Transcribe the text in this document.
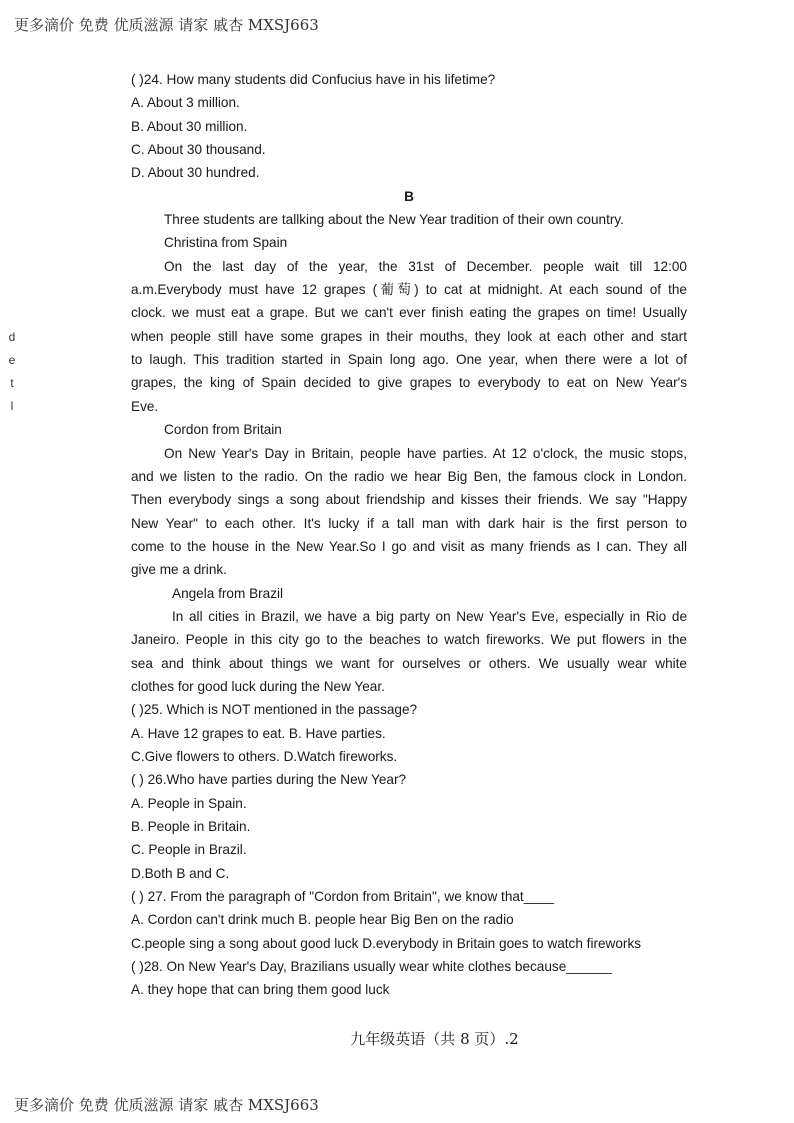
更多滴价 免费 优质滋源 请家 戚杏 MXSJ663
d
e
t
l
( )24. How many students did Confucius have in his lifetime?
A. About 3 million.
B. About 30 million.
C. About 30 thousand.
D. About 30 hundred.
B
Three students are tallking about the New Year tradition of their own country.
Christina from Spain
On the last day of the year, the 31st of December. people wait till 12:00
a.m.Everybody must have 12 grapes (葡萄) to cat at midnight. At each sound of the
clock. we must eat a grape. But we can't ever finish eating the grapes on time! Usually
when people still have some grapes in their mouths, they look at each other and start
to laugh. This tradition started in Spain long ago. One year, when there were a lot of
grapes, the king of Spain decided to give grapes to everybody to eat on New Year's
Eve.
Cordon from Britain
On New Year's Day in Britain, people have parties. At 12 o'clock, the music stops,
and we listen to the radio. On the radio we hear Big Ben, the famous clock in London.
Then everybody sings a song about friendship and kisses their friends. We say "Happy
New Year" to each other. It's lucky if a tall man with dark hair is the first person to
come to the house in the New Year.So I go and visit as many friends as I can. They all
give me a drink.
Angela from Brazil
In all cities in Brazil, we have a big party on New Year's Eve, especially in Rio de
Janeiro. People in this city go to the beaches to watch fireworks. We put flowers in the
sea and think about things we want for ourselves or others. We usually wear white
clothes for good luck during the New Year.
( )25. Which is NOT mentioned in the passage?
A. Have 12 grapes to eat. B. Have parties.
C.Give flowers to others. D.Watch fireworks.
( ) 26.Who have parties during the New Year?
A. People in Spain.
B. People in Britain.
C. People in Brazil.
D.Both B and C.
( ) 27. From the paragraph of "Cordon from Britain", we know that____
A. Cordon can't drink much B. people hear Big Ben on the radio
C.people sing a song about good luck D.everybody in Britain goes to watch fireworks
( )28. On New Year's Day, Brazilians usually wear white clothes because______
A. they hope that can bring them good luck
九年级英语（共 8 页）.2
更多滴价 免费 优质滋源 请家 戚杏 MXSJ663
